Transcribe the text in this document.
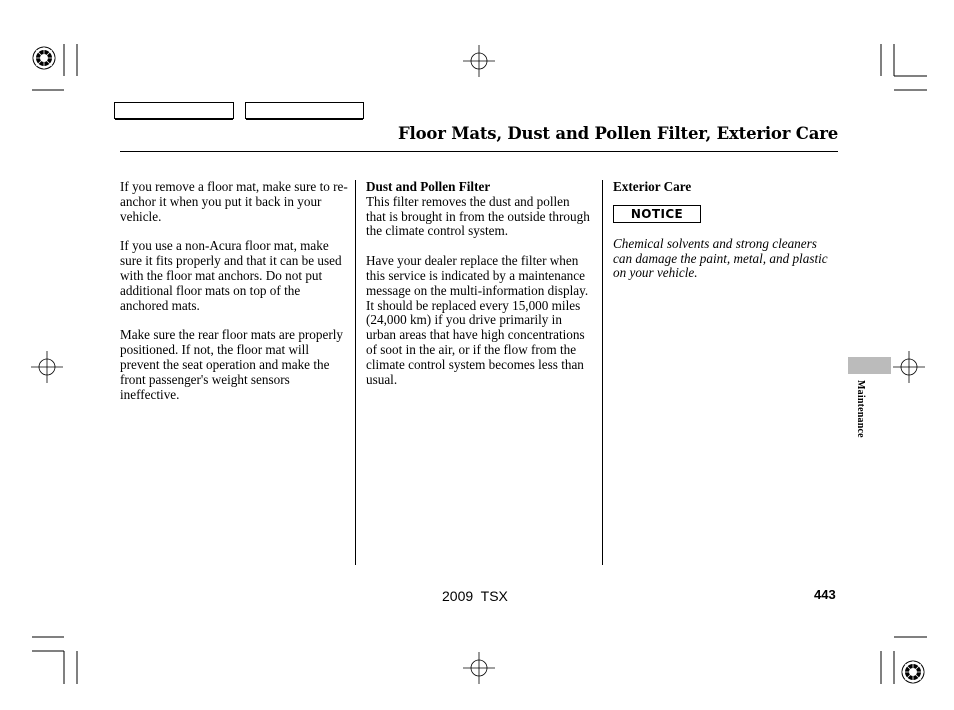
Floor Mats, Dust and Pollen Filter, Exterior Care

If you remove a floor mat, make sure to re-anchor it when you put it back in your vehicle.

If you use a non-Acura floor mat, make sure it fits properly and that it can be used with the floor mat anchors. Do not put additional floor mats on top of the anchored mats.

Make sure the rear floor mats are properly positioned. If not, the floor mat will prevent the seat operation and make the front passenger's weight sensors ineffective.

Dust and Pollen Filter

This filter removes the dust and pollen that is brought in from the outside through the climate control system.

Have your dealer replace the filter when this service is indicated by a maintenance message on the multi-information display. It should be replaced every 15,000 miles (24,000 km) if you drive primarily in urban areas that have high concentrations of soot in the air, or if the flow from the climate control system becomes less than usual.

Exterior Care
NOTICE

Chemical solvents and strong cleaners can damage the paint, metal, and plastic on your vehicle.

Maintenance
2009  TSX	443
